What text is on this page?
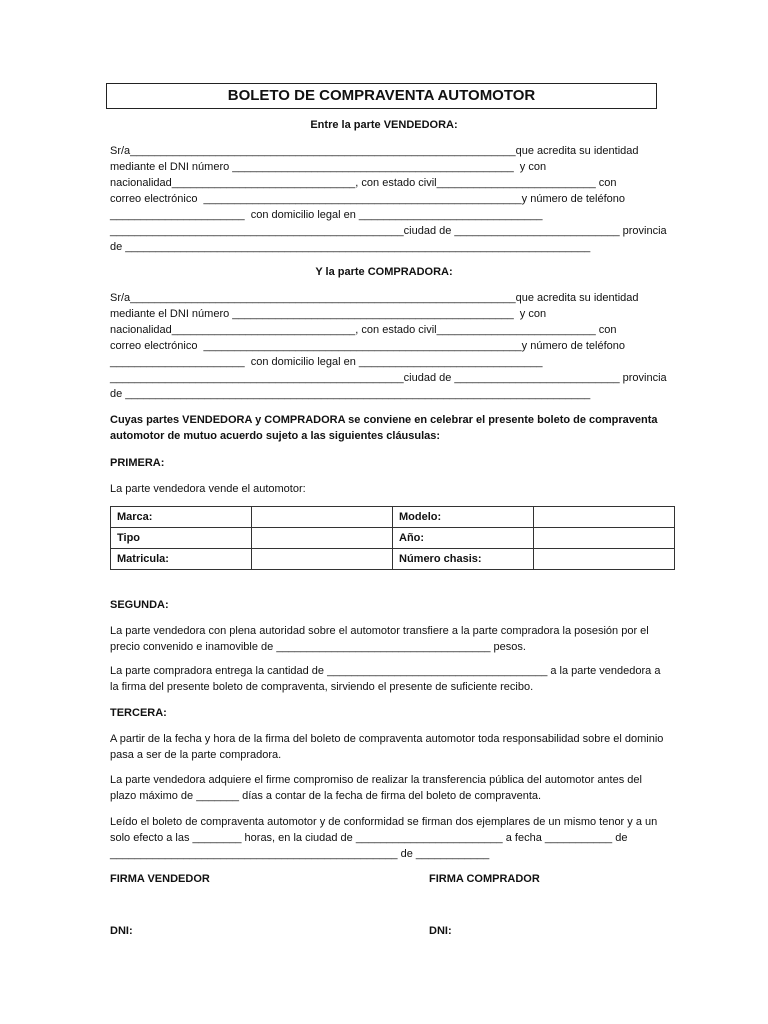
BOLETO DE COMPRAVENTA AUTOMOTOR
Entre la parte VENDEDORA:
Sr/a_______________________________________________________________que acredita su identidad
mediante el DNI número ______________________________________________  y con
nacionalidad______________________________, con estado civil__________________________ con
correo electrónico  ____________________________________________________y número de teléfono
______________________  con domicilio legal en ______________________________
________________________________________________ciudad de ___________________________ provincia
de ____________________________________________________________________________
Y la parte COMPRADORA:
Sr/a_______________________________________________________________que acredita su identidad
mediante el DNI número ______________________________________________  y con
nacionalidad______________________________, con estado civil__________________________ con
correo electrónico  ____________________________________________________y número de teléfono
______________________  con domicilio legal en ______________________________
________________________________________________ciudad de ___________________________ provincia
de ____________________________________________________________________________
Cuyas partes VENDEDORA y COMPRADORA se conviene en celebrar el presente boleto de compraventa automotor de mutuo acuerdo sujeto a las siguientes cláusulas:
PRIMERA:
La parte vendedora vende el automotor:
Marca:		Modelo:	
Tipo		Año:	
Matricula:		Número chasis:	
SEGUNDA:
La parte vendedora con plena autoridad sobre el automotor transfiere a la parte compradora la posesión por el precio convenido e inamovible de ___________________________________ pesos.
La parte compradora entrega la cantidad de ____________________________________ a la parte vendedora a la firma del presente boleto de compraventa, sirviendo el presente de suficiente recibo.
TERCERA:
A partir de la fecha y hora de la firma del boleto de compraventa automotor toda responsabilidad sobre el dominio pasa a ser de la parte compradora.
La parte vendedora adquiere el firme compromiso de realizar la transferencia pública del automotor antes del plazo máximo de _______ días a contar de la fecha de firma del boleto de compraventa.
Leído el boleto de compraventa automotor y de conformidad se firman dos ejemplares de un mismo tenor y a un solo efecto a las ________ horas, en la ciudad de ________________________ a fecha ___________ de _______________________________________________ de ____________
FIRMA VENDEDOR	FIRMA COMPRADOR
DNI:	DNI:
